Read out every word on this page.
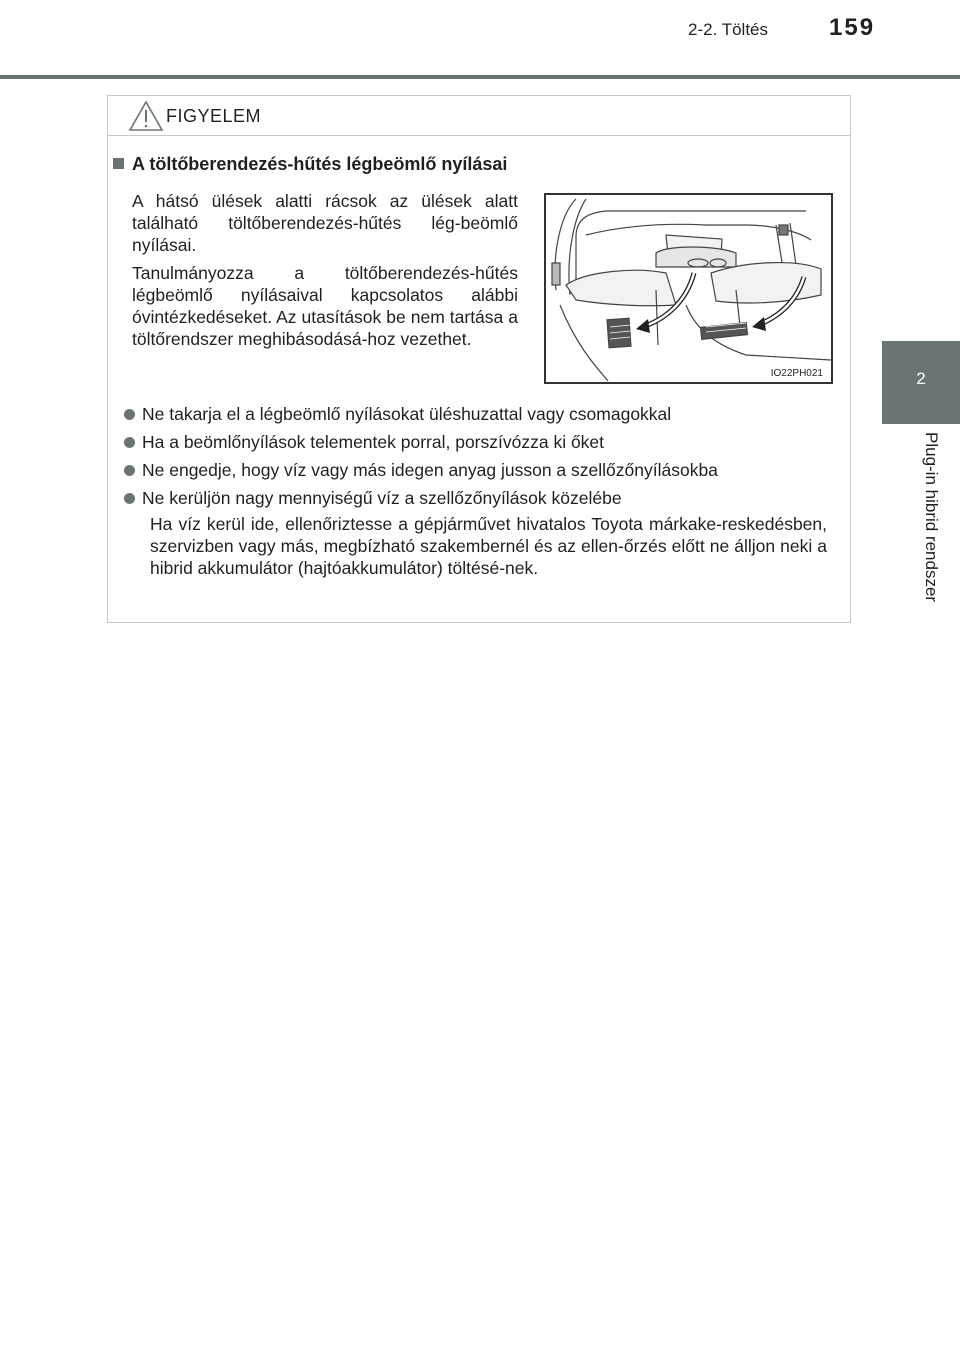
2-2. Töltés	159
2
Plug-in hibrid rendszer
FIGYELEM
A töltőberendezés-hűtés légbeömlő nyílásai

A hátsó ülések alatti rácsok az ülések alatt található töltőberendezés-hűtés lég-beömlő nyílásai.

Tanulmányozza a töltőberendezés-hűtés légbeömlő nyílásaival kapcsolatos alábbi óvintézkedéseket. Az utasítások be nem tartása a töltőrendszer meghibásodásá-hoz vezethet.

IO22PH021

Ne takarja el a légbeömlő nyílásokat üléshuzattal vagy csomagokkal

Ha a beömlőnyílások telementek porral, porszívózza ki őket

Ne engedje, hogy víz vagy más idegen anyag jusson a szellőzőnyílásokba

Ne kerüljön nagy mennyiségű víz a szellőzőnyílások közelébe

Ha víz kerül ide, ellenőriztesse a gépjárművet hivatalos Toyota márkake-reskedésben, szervizben vagy más, megbízható szakembernél és az ellen-őrzés előtt ne álljon neki a hibrid akkumulátor (hajtóakkumulátor) töltésé-nek.
